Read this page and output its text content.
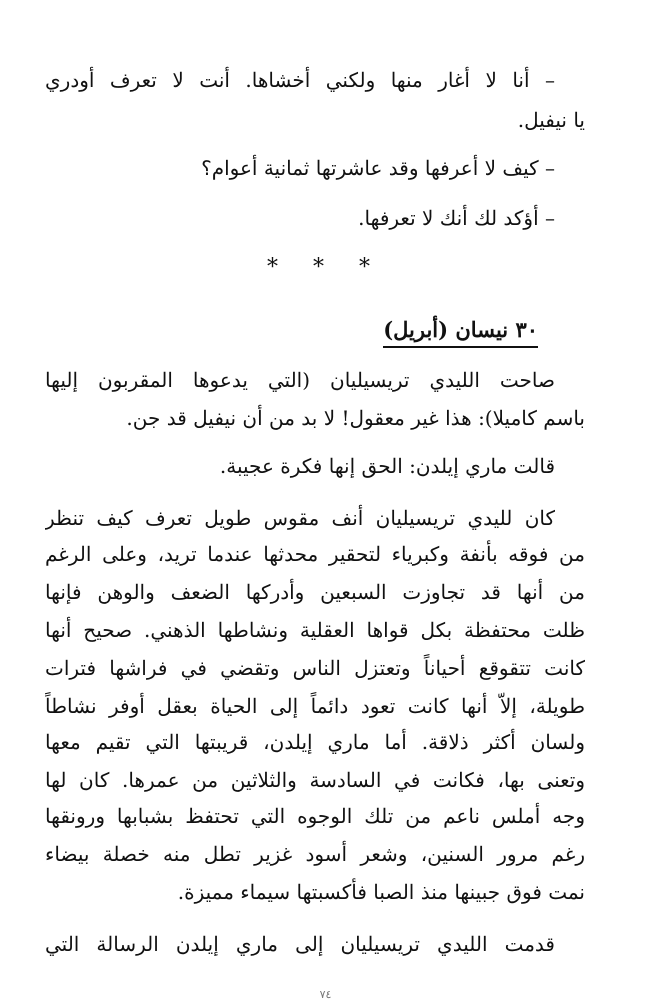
– أنا لا أغار منها ولكني أخشاها. أنت لا تعرف أودري
يا نيفيل.
– كيف لا أعرفها وقد عاشرتها ثمانية أعوام؟
– أؤكد لك أنك لا تعرفها.
* * *
٣٠ نيسان (أبريل)
صاحت الليدي تريسيليان (التي يدعوها المقربون إليها
باسم كاميلا): هذا غير معقول! لا بد من أن نيفيل قد جن.
قالت ماري إيلدن: الحق إنها فكرة عجيبة.
كان لليدي تريسيليان أنف مقوس طويل تعرف كيف تنظر
من فوقه بأنفة وكبرياء لتحقير محدثها عندما تريد، وعلى الرغم
من أنها قد تجاوزت السبعين وأدركها الضعف والوهن فإنها
ظلت محتفظة بكل قواها العقلية ونشاطها الذهني. صحيح أنها
كانت تتقوقع أحياناً وتعتزل الناس وتقضي في فراشها فترات
طويلة، إلاّ أنها كانت تعود دائماً إلى الحياة بعقل أوفر نشاطاً
ولسان أكثر ذلاقة. أما ماري إيلدن، قريبتها التي تقيم معها
وتعنى بها، فكانت في السادسة والثلاثين من عمرها. كان لها
وجه أملس ناعم من تلك الوجوه التي تحتفظ بشبابها ورونقها
رغم مرور السنين، وشعر أسود غزير تطل منه خصلة بيضاء
نمت فوق جبينها منذ الصبا فأكسبتها سيماء مميزة.
قدمت الليدي تريسيليان إلى ماري إيلدن الرسالة التي
٧٤
